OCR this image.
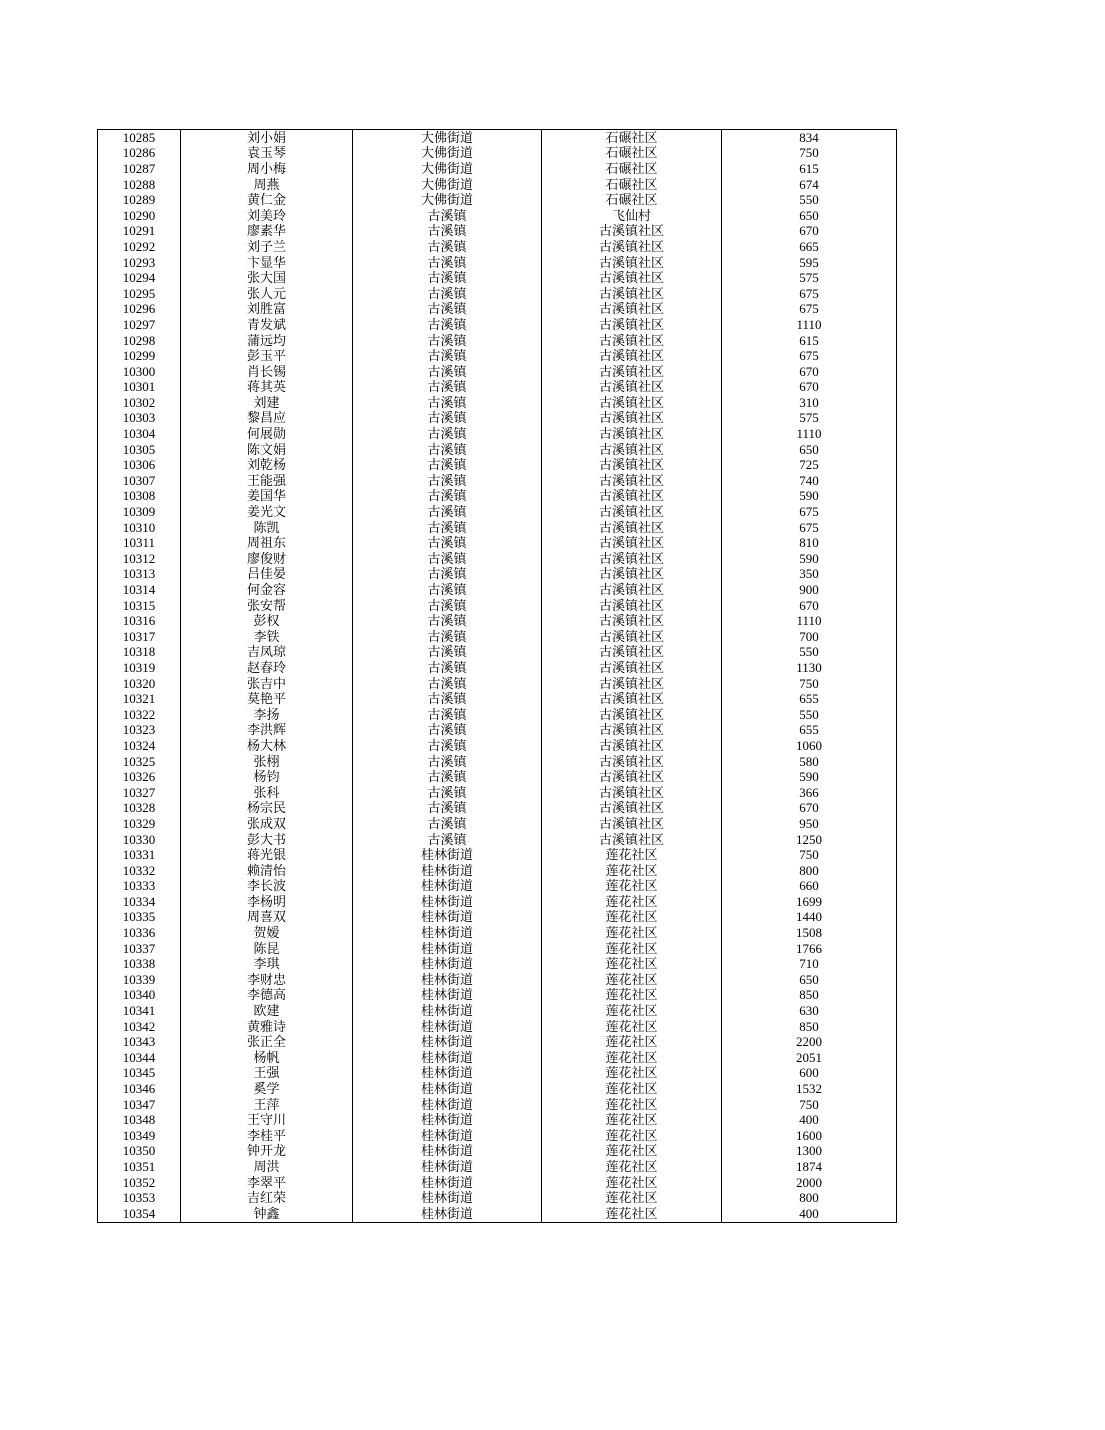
10285	刘小娟	大佛街道	石碾社区	834
10286	袁玉琴	大佛街道	石碾社区	750
10287	周小梅	大佛街道	石碾社区	615
10288	周燕	大佛街道	石碾社区	674
10289	黄仁金	大佛街道	石碾社区	550
10290	刘美玲	古溪镇	飞仙村	650
10291	廖素华	古溪镇	古溪镇社区	670
10292	刘子兰	古溪镇	古溪镇社区	665
10293	卞显华	古溪镇	古溪镇社区	595
10294	张大国	古溪镇	古溪镇社区	575
10295	张人元	古溪镇	古溪镇社区	675
10296	刘胜富	古溪镇	古溪镇社区	675
10297	青发斌	古溪镇	古溪镇社区	1110
10298	蒲远均	古溪镇	古溪镇社区	615
10299	彭玉平	古溪镇	古溪镇社区	675
10300	肖长锡	古溪镇	古溪镇社区	670
10301	蒋其英	古溪镇	古溪镇社区	670
10302	刘建	古溪镇	古溪镇社区	310
10303	黎昌应	古溪镇	古溪镇社区	575
10304	何展勋	古溪镇	古溪镇社区	1110
10305	陈文娟	古溪镇	古溪镇社区	650
10306	刘乾杨	古溪镇	古溪镇社区	725
10307	王能强	古溪镇	古溪镇社区	740
10308	姜国华	古溪镇	古溪镇社区	590
10309	姜光文	古溪镇	古溪镇社区	675
10310	陈凯	古溪镇	古溪镇社区	675
10311	周祖东	古溪镇	古溪镇社区	810
10312	廖俊财	古溪镇	古溪镇社区	590
10313	吕佳晏	古溪镇	古溪镇社区	350
10314	何金容	古溪镇	古溪镇社区	900
10315	张安帮	古溪镇	古溪镇社区	670
10316	彭权	古溪镇	古溪镇社区	1110
10317	李铁	古溪镇	古溪镇社区	700
10318	吉凤琼	古溪镇	古溪镇社区	550
10319	赵春玲	古溪镇	古溪镇社区	1130
10320	张吉中	古溪镇	古溪镇社区	750
10321	莫艳平	古溪镇	古溪镇社区	655
10322	李扬	古溪镇	古溪镇社区	550
10323	李洪辉	古溪镇	古溪镇社区	655
10324	杨大林	古溪镇	古溪镇社区	1060
10325	张栩	古溪镇	古溪镇社区	580
10326	杨钧	古溪镇	古溪镇社区	590
10327	张科	古溪镇	古溪镇社区	366
10328	杨宗民	古溪镇	古溪镇社区	670
10329	张成双	古溪镇	古溪镇社区	950
10330	彭大书	古溪镇	古溪镇社区	1250
10331	蒋光银	桂林街道	莲花社区	750
10332	赖清怡	桂林街道	莲花社区	800
10333	李长波	桂林街道	莲花社区	660
10334	李杨明	桂林街道	莲花社区	1699
10335	周喜双	桂林街道	莲花社区	1440
10336	贺嫒	桂林街道	莲花社区	1508
10337	陈昆	桂林街道	莲花社区	1766
10338	李琪	桂林街道	莲花社区	710
10339	李财忠	桂林街道	莲花社区	650
10340	李德高	桂林街道	莲花社区	850
10341	欧建	桂林街道	莲花社区	630
10342	黄雅诗	桂林街道	莲花社区	850
10343	张正全	桂林街道	莲花社区	2200
10344	杨帆	桂林街道	莲花社区	2051
10345	王强	桂林街道	莲花社区	600
10346	奚学	桂林街道	莲花社区	1532
10347	王萍	桂林街道	莲花社区	750
10348	王守川	桂林街道	莲花社区	400
10349	李桂平	桂林街道	莲花社区	1600
10350	钟开龙	桂林街道	莲花社区	1300
10351	周洪	桂林街道	莲花社区	1874
10352	李翠平	桂林街道	莲花社区	2000
10353	吉红荣	桂林街道	莲花社区	800
10354	钟鑫	桂林街道	莲花社区	400
